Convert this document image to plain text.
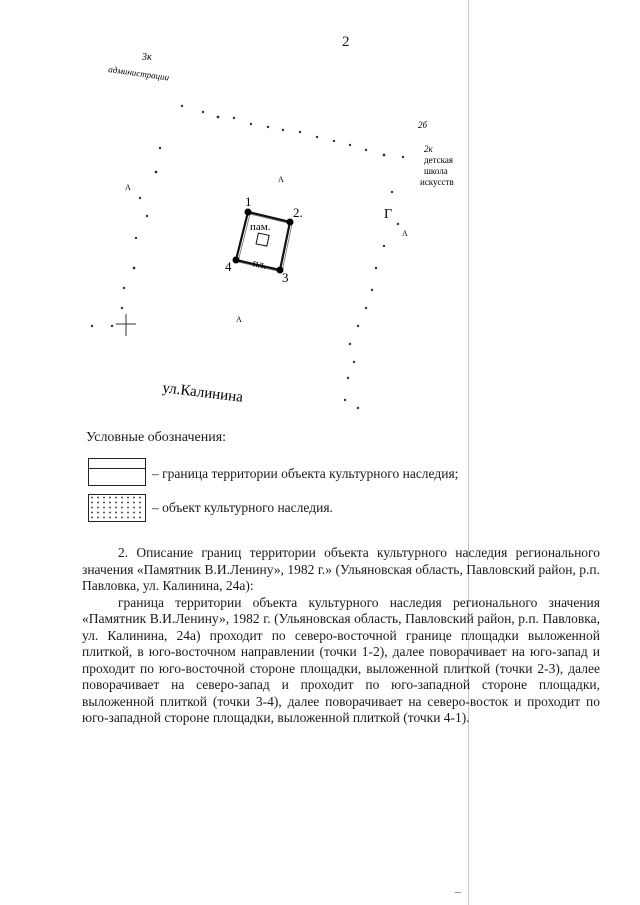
2
3к
администрации
2б
2к
детская
школа
искусств
А
А
А
А
Г
пам.
пл.
1
2.
3
4
ул.Калинина
Условные обозначения:
– граница территории объекта культурного наследия;
– объект культурного наследия.

2. Описание границ территории объекта культурного наследия регионального значения «Памятник В.И.Ленину», 1982 г.» (Ульяновская область, Павловский район, р.п. Павловка, ул. Калинина, 24а):

граница территории объекта культурного наследия регионального значения «Памятник В.И.Ленину», 1982 г. (Ульяновская область, Павловский район, р.п. Павловка, ул. Калинина, 24а) проходит по северо-восточной границе площадки выложенной плиткой, в юго-восточном направлении (точки 1-2), далее поворачивает на юго-запад и проходит по юго-восточной стороне площадки, выложенной плиткой (точки 2-3), далее поворачивает на северо-запад и проходит по юго-западной стороне площадки, выложенной плиткой (точки 3-4), далее поворачивает на северо-восток и проходит по юго-западной стороне площадки, выложенной плиткой (точки 4-1).
